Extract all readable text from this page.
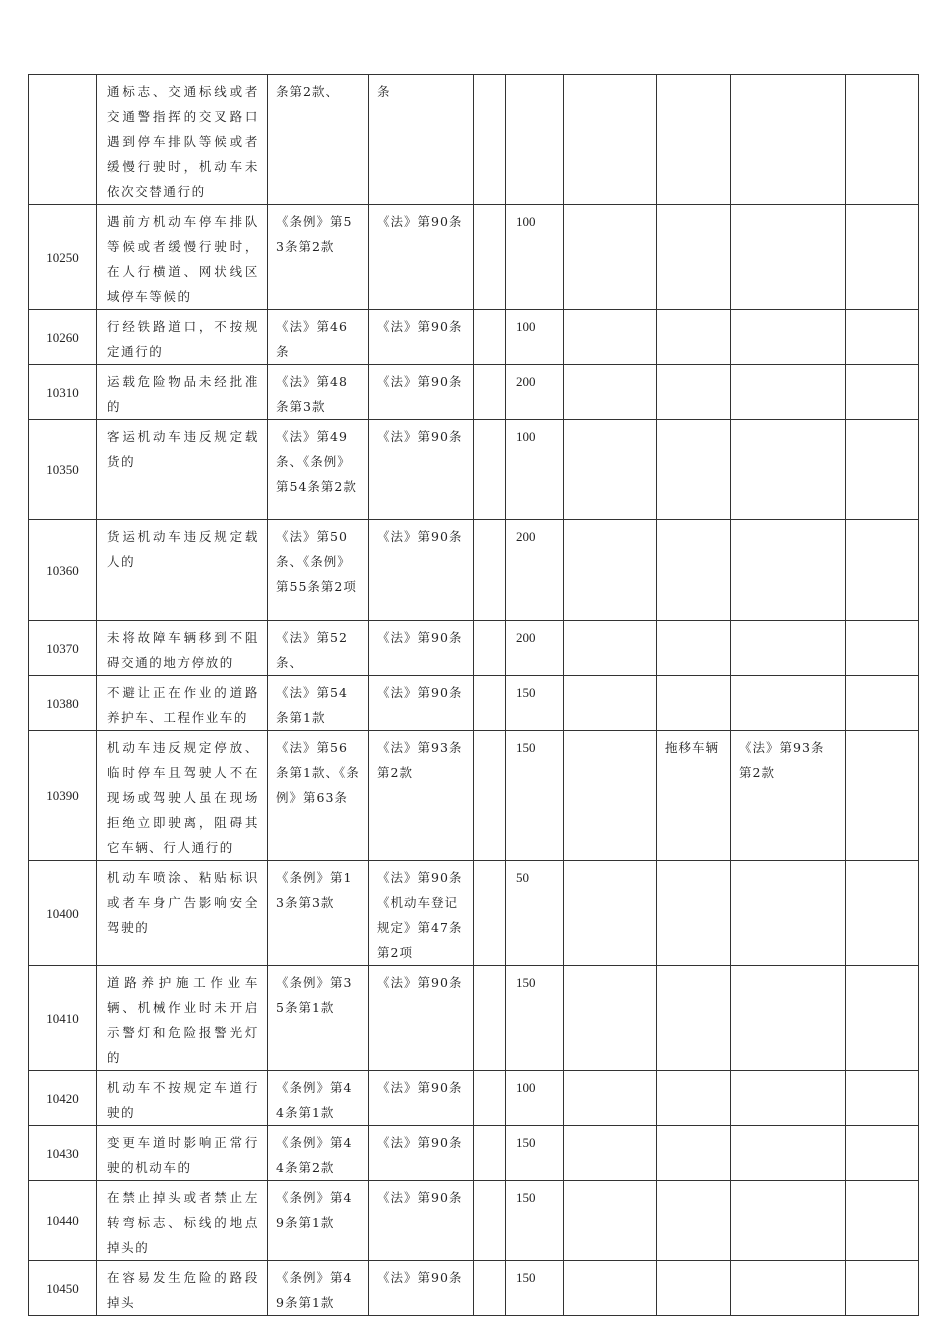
	通标志、交通标线或者交通警指挥的交叉路口遇到停车排队等候或者缓慢行驶时，机动车未依次交替通行的	条第2款、	条						
10250	遇前方机动车停车排队等候或者缓慢行驶时，在人行横道、网状线区域停车等候的	《条例》第53条第2款	《法》第90条		100				
10260	行经铁路道口，不按规定通行的	《法》第46条	《法》第90条		100				
10310	运载危险物品未经批准的	《法》第48条第3款	《法》第90条		200				
10350	客运机动车违反规定载货的	《法》第49条、《条例》第54条第2款	《法》第90条		100				
10360	货运机动车违反规定载人的	《法》第50条、《条例》第55条第2项	《法》第90条		200				
10370	未将故障车辆移到不阻碍交通的地方停放的	《法》第52条、	《法》第90条		200				
10380	不避让正在作业的道路养护车、工程作业车的	《法》第54条第1款	《法》第90条		150				
10390	机动车违反规定停放、临时停车且驾驶人不在现场或驾驶人虽在现场拒绝立即驶离，阻碍其它车辆、行人通行的	《法》第56条第1款、《条例》第63条	《法》第93条第2款		150		拖移车辆	《法》第93条第2款	
10400	机动车喷涂、粘贴标识或者车身广告影响安全驾驶的	《条例》第13条第3款	《法》第90条《机动车登记规定》第47条第2项		50				
10410	道路养护施工作业车辆、机械作业时未开启示警灯和危险报警光灯的	《条例》第35条第1款	《法》第90条		150				
10420	机动车不按规定车道行驶的	《条例》第44条第1款	《法》第90条		100				
10430	变更车道时影响正常行驶的机动车的	《条例》第44条第2款	《法》第90条		150				
10440	在禁止掉头或者禁止左转弯标志、标线的地点掉头的	《条例》第49条第1款	《法》第90条		150				
10450	在容易发生危险的路段掉头	《条例》第49条第1款	《法》第90条		150				
